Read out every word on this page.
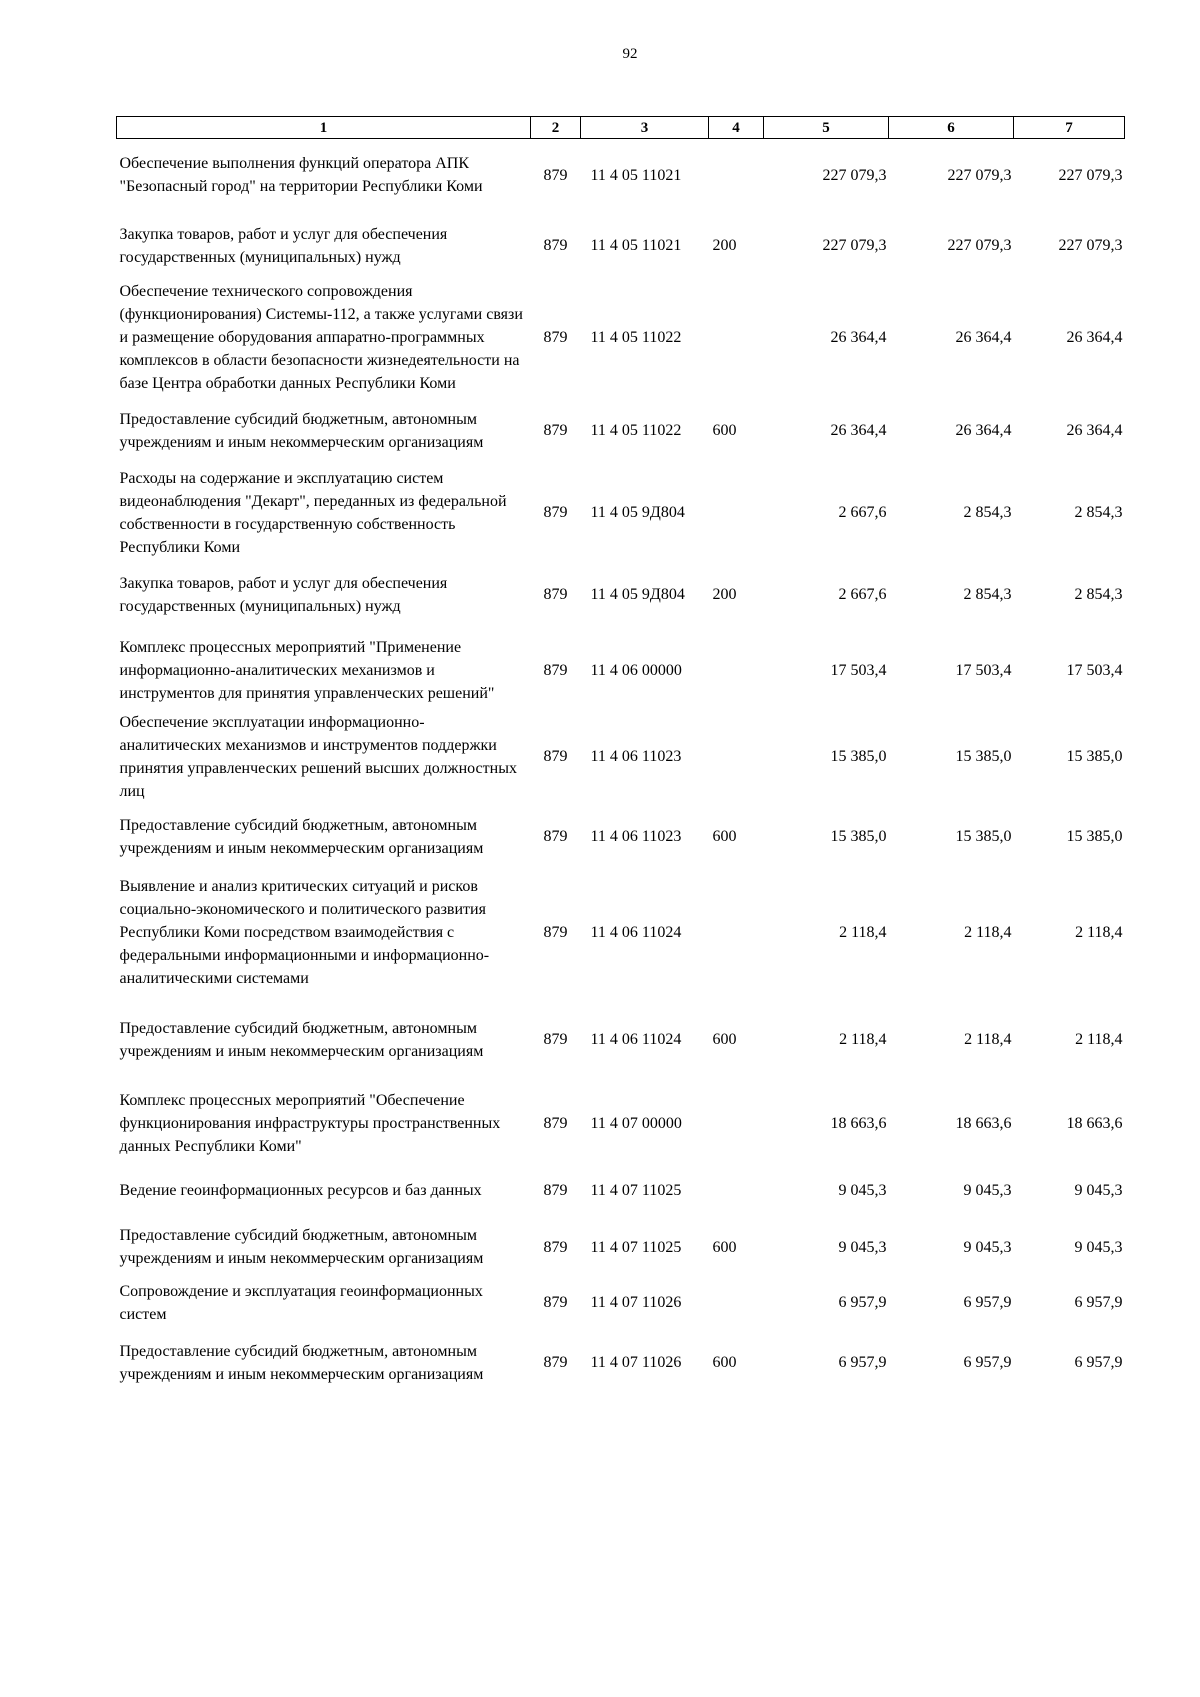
92
1	2	3	4	5	6	7
Обеспечение выполнения функций оператора АПК "Безопасный город" на территории Республики Коми	879	11 4 05 11021		227 079,3	227 079,3	227 079,3
Закупка товаров, работ и услуг для обеспечения государственных (муниципальных) нужд	879	11 4 05 11021	200	227 079,3	227 079,3	227 079,3
Обеспечение технического сопровождения (функционирования) Системы-112, а также услугами связи и размещение оборудования аппаратно-программных комплексов в области безопасности жизнедеятельности на базе Центра обработки данных Республики Коми	879	11 4 05 11022		26 364,4	26 364,4	26 364,4
Предоставление субсидий бюджетным, автономным учреждениям и иным некоммерческим организациям	879	11 4 05 11022	600	26 364,4	26 364,4	26 364,4
Расходы на содержание и эксплуатацию систем видеонаблюдения "Декарт", переданных из федеральной собственности в государственную собственность Республики Коми	879	11 4 05 9Д804		2 667,6	2 854,3	2 854,3
Закупка товаров, работ и услуг для обеспечения государственных (муниципальных) нужд	879	11 4 05 9Д804	200	2 667,6	2 854,3	2 854,3
Комплекс процессных мероприятий "Применение информационно-аналитических механизмов и инструментов для принятия управленческих решений"	879	11 4 06 00000		17 503,4	17 503,4	17 503,4
Обеспечение эксплуатации информационно-аналитических механизмов и инструментов поддержки принятия управленческих решений высших должностных лиц	879	11 4 06 11023		15 385,0	15 385,0	15 385,0
Предоставление субсидий бюджетным, автономным учреждениям и иным некоммерческим организациям	879	11 4 06 11023	600	15 385,0	15 385,0	15 385,0
Выявление и анализ критических ситуаций и рисков социально-экономического и политического развития Республики Коми посредством взаимодействия с федеральными информационными и информационно-аналитическими системами	879	11 4 06 11024		2 118,4	2 118,4	2 118,4
Предоставление субсидий бюджетным, автономным учреждениям и иным некоммерческим организациям	879	11 4 06 11024	600	2 118,4	2 118,4	2 118,4
Комплекс процессных мероприятий "Обеспечение функционирования инфраструктуры пространственных данных Республики Коми"	879	11 4 07 00000		18 663,6	18 663,6	18 663,6
Ведение геоинформационных ресурсов и баз данных	879	11 4 07 11025		9 045,3	9 045,3	9 045,3
Предоставление субсидий бюджетным, автономным учреждениям и иным некоммерческим организациям	879	11 4 07 11025	600	9 045,3	9 045,3	9 045,3
Сопровождение и эксплуатация геоинформационных систем	879	11 4 07 11026		6 957,9	6 957,9	6 957,9
Предоставление субсидий бюджетным, автономным учреждениям и иным некоммерческим организациям	879	11 4 07 11026	600	6 957,9	6 957,9	6 957,9
